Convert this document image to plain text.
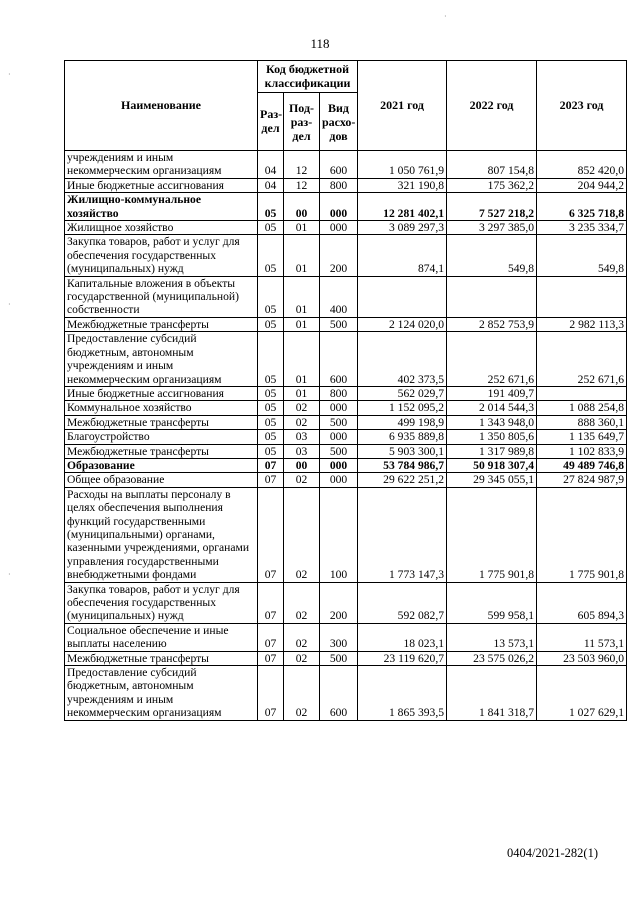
118
Наименование	Код бюджетной классификации			2021 год	2022 год	2023 год
	Раз-дел	Под-раз-дел	Вид расхо-дов			
учреждениям и иным некоммерческим организациям	04	12	600	1 050 761,9	807 154,8	852 420,0
Иные бюджетные ассигнования	04	12	800	321 190,8	175 362,2	204 944,2
Жилищно-коммунальное хозяйство	05	00	000	12 281 402,1	7 527 218,2	6 325 718,8
Жилищное хозяйство	05	01	000	3 089 297,3	3 297 385,0	3 235 334,7
Закупка товаров, работ и услуг для обеспечения государственных (муниципальных) нужд	05	01	200	874,1	549,8	549,8
Капитальные вложения в объекты государственной (муниципальной) собственности	05	01	400			
Межбюджетные трансферты	05	01	500	2 124 020,0	2 852 753,9	2 982 113,3
Предоставление субсидий бюджетным, автономным учреждениям и иным некоммерческим организациям	05	01	600	402 373,5	252 671,6	252 671,6
Иные бюджетные ассигнования	05	01	800	562 029,7	191 409,7	
Коммунальное хозяйство	05	02	000	1 152 095,2	2 014 544,3	1 088 254,8
Межбюджетные трансферты	05	02	500	499 198,9	1 343 948,0	888 360,1
Благоустройство	05	03	000	6 935 889,8	1 350 805,6	1 135 649,7
Межбюджетные трансферты	05	03	500	5 903 300,1	1 317 989,8	1 102 833,9
Образование	07	00	000	53 784 986,7	50 918 307,4	49 489 746,8
Общее образование	07	02	000	29 622 251,2	29 345 055,1	27 824 987,9
Расходы на выплаты персоналу в целях обеспечения выполнения функций государственными (муниципальными) органами, казенными учреждениями, органами управления государственными внебюджетными фондами	07	02	100	1 773 147,3	1 775 901,8	1 775 901,8
Закупка товаров, работ и услуг для обеспечения государственных (муниципальных) нужд	07	02	200	592 082,7	599 958,1	605 894,3
Социальное обеспечение и иные выплаты населению	07	02	300	18 023,1	13 573,1	11 573,1
Межбюджетные трансферты	07	02	500	23 119 620,7	23 575 026,2	23 503 960,0
Предоставление субсидий бюджетным, автономным учреждениям и иным некоммерческим организациям	07	02	600	1 865 393,5	1 841 318,7	1 027 629,1
0404/2021-282(1)
·
·
·
·
